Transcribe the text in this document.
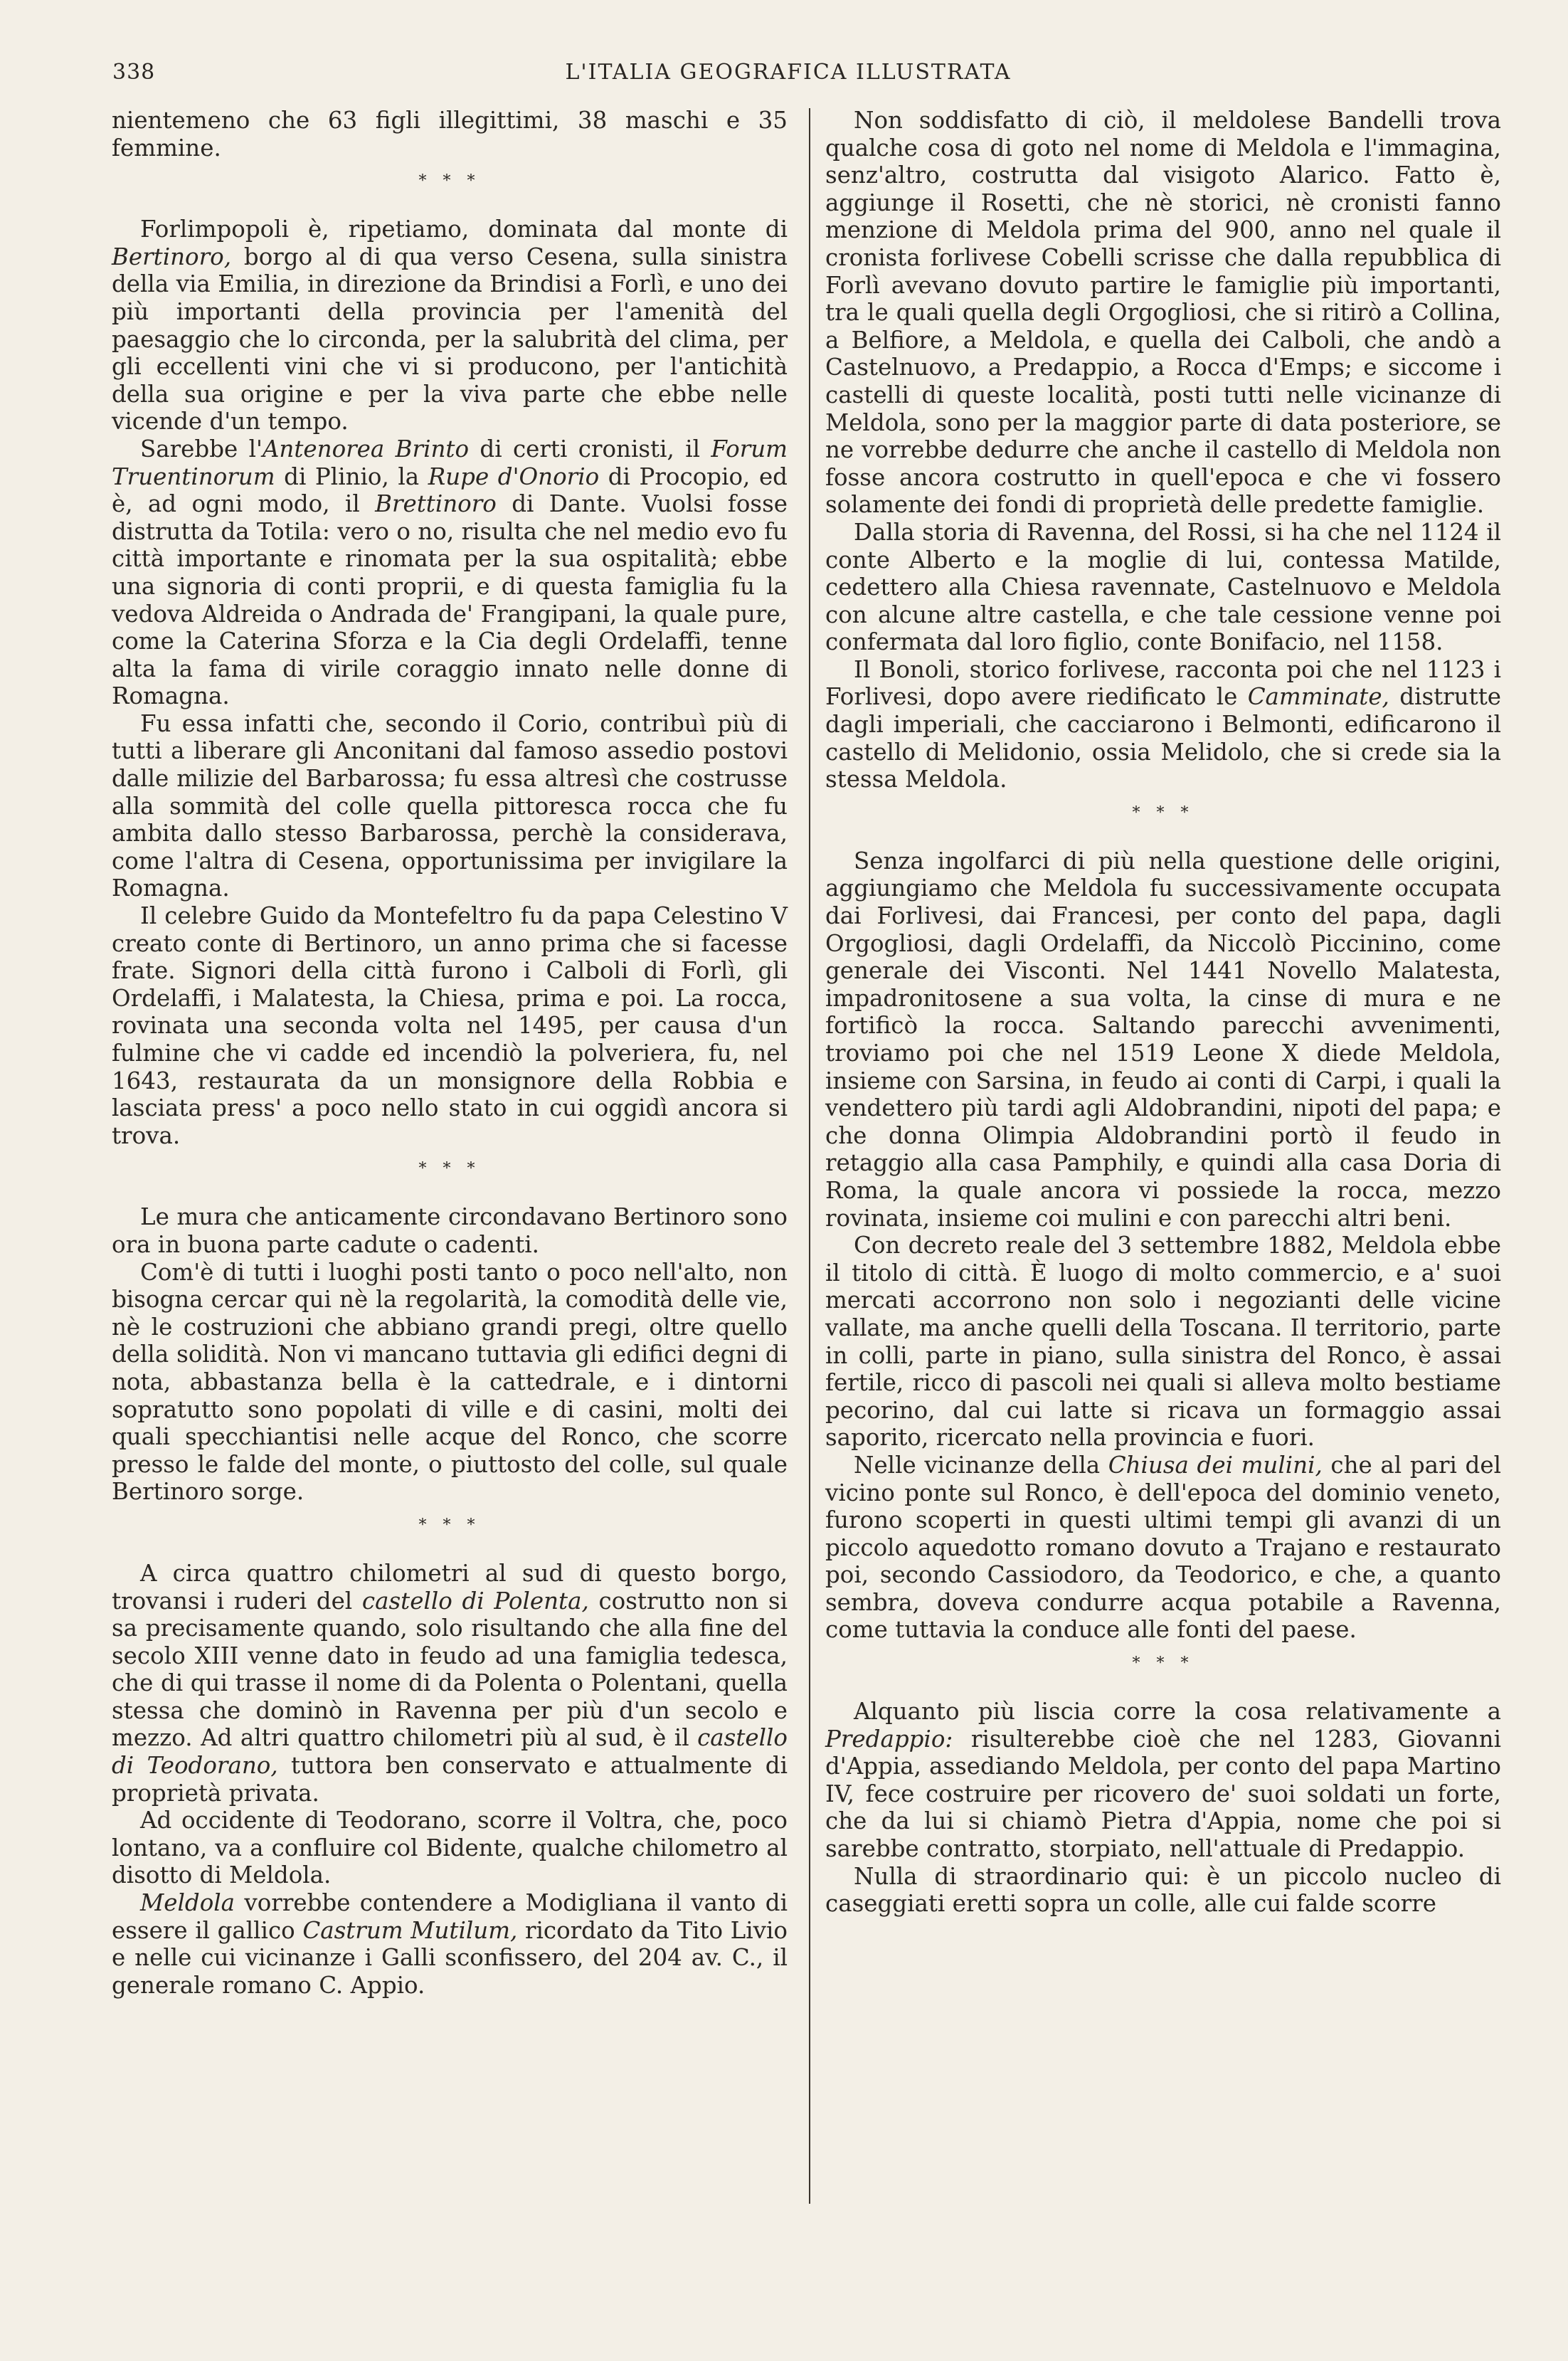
338	L'ITALIA GEOGRAFICA ILLUSTRATA

nientemeno che 63 figli illegittimi, 38 maschi e 35 femmine.

* * *

Forlimpopoli è, ripetiamo, dominata dal monte di Bertinoro, borgo al di qua verso Cesena, sulla sinistra della via Emilia, in direzione da Brindisi a Forlì, e uno dei più importanti della provincia per l'amenità del paesaggio che lo circonda, per la salubrità del clima, per gli eccellenti vini che vi si producono, per l'antichità della sua origine e per la viva parte che ebbe nelle vicende d'un tempo.

Sarebbe l'Antenorea Brinto di certi cronisti, il Forum Truentinorum di Plinio, la Rupe d'Onorio di Procopio, ed è, ad ogni modo, il Brettinoro di Dante. Vuolsi fosse distrutta da Totila: vero o no, risulta che nel medio evo fu città importante e rinomata per la sua ospitalità; ebbe una signoria di conti proprii, e di questa famiglia fu la vedova Aldreida o Andrada de' Frangipani, la quale pure, come la Caterina Sforza e la Cia degli Ordelaffi, tenne alta la fama di virile coraggio innato nelle donne di Romagna.

Fu essa infatti che, secondo il Corio, contribuì più di tutti a liberare gli Anconitani dal famoso assedio postovi dalle milizie del Barbarossa; fu essa altresì che costrusse alla sommità del colle quella pittoresca rocca che fu ambita dallo stesso Barbarossa, perchè la considerava, come l'altra di Cesena, opportunissima per invigilare la Romagna.

Il celebre Guido da Montefeltro fu da papa Celestino V creato conte di Bertinoro, un anno prima che si facesse frate. Signori della città furono i Calboli di Forlì, gli Ordelaffi, i Malatesta, la Chiesa, prima e poi. La rocca, rovinata una seconda volta nel 1495, per causa d'un fulmine che vi cadde ed incendiò la polveriera, fu, nel 1643, restaurata da un monsignore della Robbia e lasciata press' a poco nello stato in cui oggidì ancora si trova.

* * *

Le mura che anticamente circondavano Bertinoro sono ora in buona parte cadute o cadenti.

Com'è di tutti i luoghi posti tanto o poco nell'alto, non bisogna cercar qui nè la regolarità, la comodità delle vie, nè le costruzioni che abbiano grandi pregi, oltre quello della solidità. Non vi mancano tuttavia gli edifici degni di nota, abbastanza bella è la cattedrale, e i dintorni sopratutto sono popolati di ville e di casini, molti dei quali specchiantisi nelle acque del Ronco, che scorre presso le falde del monte, o piuttosto del colle, sul quale Bertinoro sorge.

* * *

A circa quattro chilometri al sud di questo borgo, trovansi i ruderi del castello di Polenta, costrutto non si sa precisamente quando, solo risultando che alla fine del secolo XIII venne dato in feudo ad una famiglia tedesca, che di qui trasse il nome di da Polenta o Polentani, quella stessa che dominò in Ravenna per più d'un secolo e mezzo. Ad altri quattro chilometri più al sud, è il castello di Teodorano, tuttora ben conservato e attualmente di proprietà privata.

Ad occidente di Teodorano, scorre il Voltra, che, poco lontano, va a confluire col Bidente, qualche chilometro al disotto di Meldola.

Meldola vorrebbe contendere a Modigliana il vanto di essere il gallico Castrum Mutilum, ricordato da Tito Livio e nelle cui vicinanze i Galli sconfissero, del 204 av. C., il generale romano C. Appio.

Non soddisfatto di ciò, il meldolese Bandelli trova qualche cosa di goto nel nome di Meldola e l'immagina, senz'altro, costrutta dal visigoto Alarico. Fatto è, aggiunge il Rosetti, che nè storici, nè cronisti fanno menzione di Meldola prima del 900, anno nel quale il cronista forlivese Cobelli scrisse che dalla repubblica di Forlì avevano dovuto partire le famiglie più importanti, tra le quali quella degli Orgogliosi, che si ritirò a Collina, a Belfiore, a Meldola, e quella dei Calboli, che andò a Castelnuovo, a Predappio, a Rocca d'Emps; e siccome i castelli di queste località, posti tutti nelle vicinanze di Meldola, sono per la maggior parte di data posteriore, se ne vorrebbe dedurre che anche il castello di Meldola non fosse ancora costrutto in quell'epoca e che vi fossero solamente dei fondi di proprietà delle predette famiglie.

Dalla storia di Ravenna, del Rossi, si ha che nel 1124 il conte Alberto e la moglie di lui, contessa Matilde, cedettero alla Chiesa ravennate, Castelnuovo e Meldola con alcune altre castella, e che tale cessione venne poi confermata dal loro figlio, conte Bonifacio, nel 1158.

Il Bonoli, storico forlivese, racconta poi che nel 1123 i Forlivesi, dopo avere riedificato le Camminate, distrutte dagli imperiali, che cacciarono i Belmonti, edificarono il castello di Melidonio, ossia Melidolo, che si crede sia la stessa Meldola.

* * *

Senza ingolfarci di più nella questione delle origini, aggiungiamo che Meldola fu successivamente occupata dai Forlivesi, dai Francesi, per conto del papa, dagli Orgogliosi, dagli Ordelaffi, da Niccolò Piccinino, come generale dei Visconti. Nel 1441 Novello Malatesta, impadronitosene a sua volta, la cinse di mura e ne fortificò la rocca. Saltando parecchi avvenimenti, troviamo poi che nel 1519 Leone X diede Meldola, insieme con Sarsina, in feudo ai conti di Carpi, i quali la vendettero più tardi agli Aldobrandini, nipoti del papa; e che donna Olimpia Aldobrandini portò il feudo in retaggio alla casa Pamphily, e quindi alla casa Doria di Roma, la quale ancora vi possiede la rocca, mezzo rovinata, insieme coi mulini e con parecchi altri beni.

Con decreto reale del 3 settembre 1882, Meldola ebbe il titolo di città. È luogo di molto commercio, e a' suoi mercati accorrono non solo i negozianti delle vicine vallate, ma anche quelli della Toscana. Il territorio, parte in colli, parte in piano, sulla sinistra del Ronco, è assai fertile, ricco di pascoli nei quali si alleva molto bestiame pecorino, dal cui latte si ricava un formaggio assai saporito, ricercato nella provincia e fuori.

Nelle vicinanze della Chiusa dei mulini, che al pari del vicino ponte sul Ronco, è dell'epoca del dominio veneto, furono scoperti in questi ultimi tempi gli avanzi di un piccolo aquedotto romano dovuto a Trajano e restaurato poi, secondo Cassiodoro, da Teodorico, e che, a quanto sembra, doveva condurre acqua potabile a Ravenna, come tuttavia la conduce alle fonti del paese.

* * *

Alquanto più liscia corre la cosa relativamente a Predappio: risulterebbe cioè che nel 1283, Giovanni d'Appia, assediando Meldola, per conto del papa Martino IV, fece costruire per ricovero de' suoi soldati un forte, che da lui si chiamò Pietra d'Appia, nome che poi si sarebbe contratto, storpiato, nell'attuale di Predappio.

Nulla di straordinario qui: è un piccolo nucleo di caseggiati eretti sopra un colle, alle cui falde scorre
